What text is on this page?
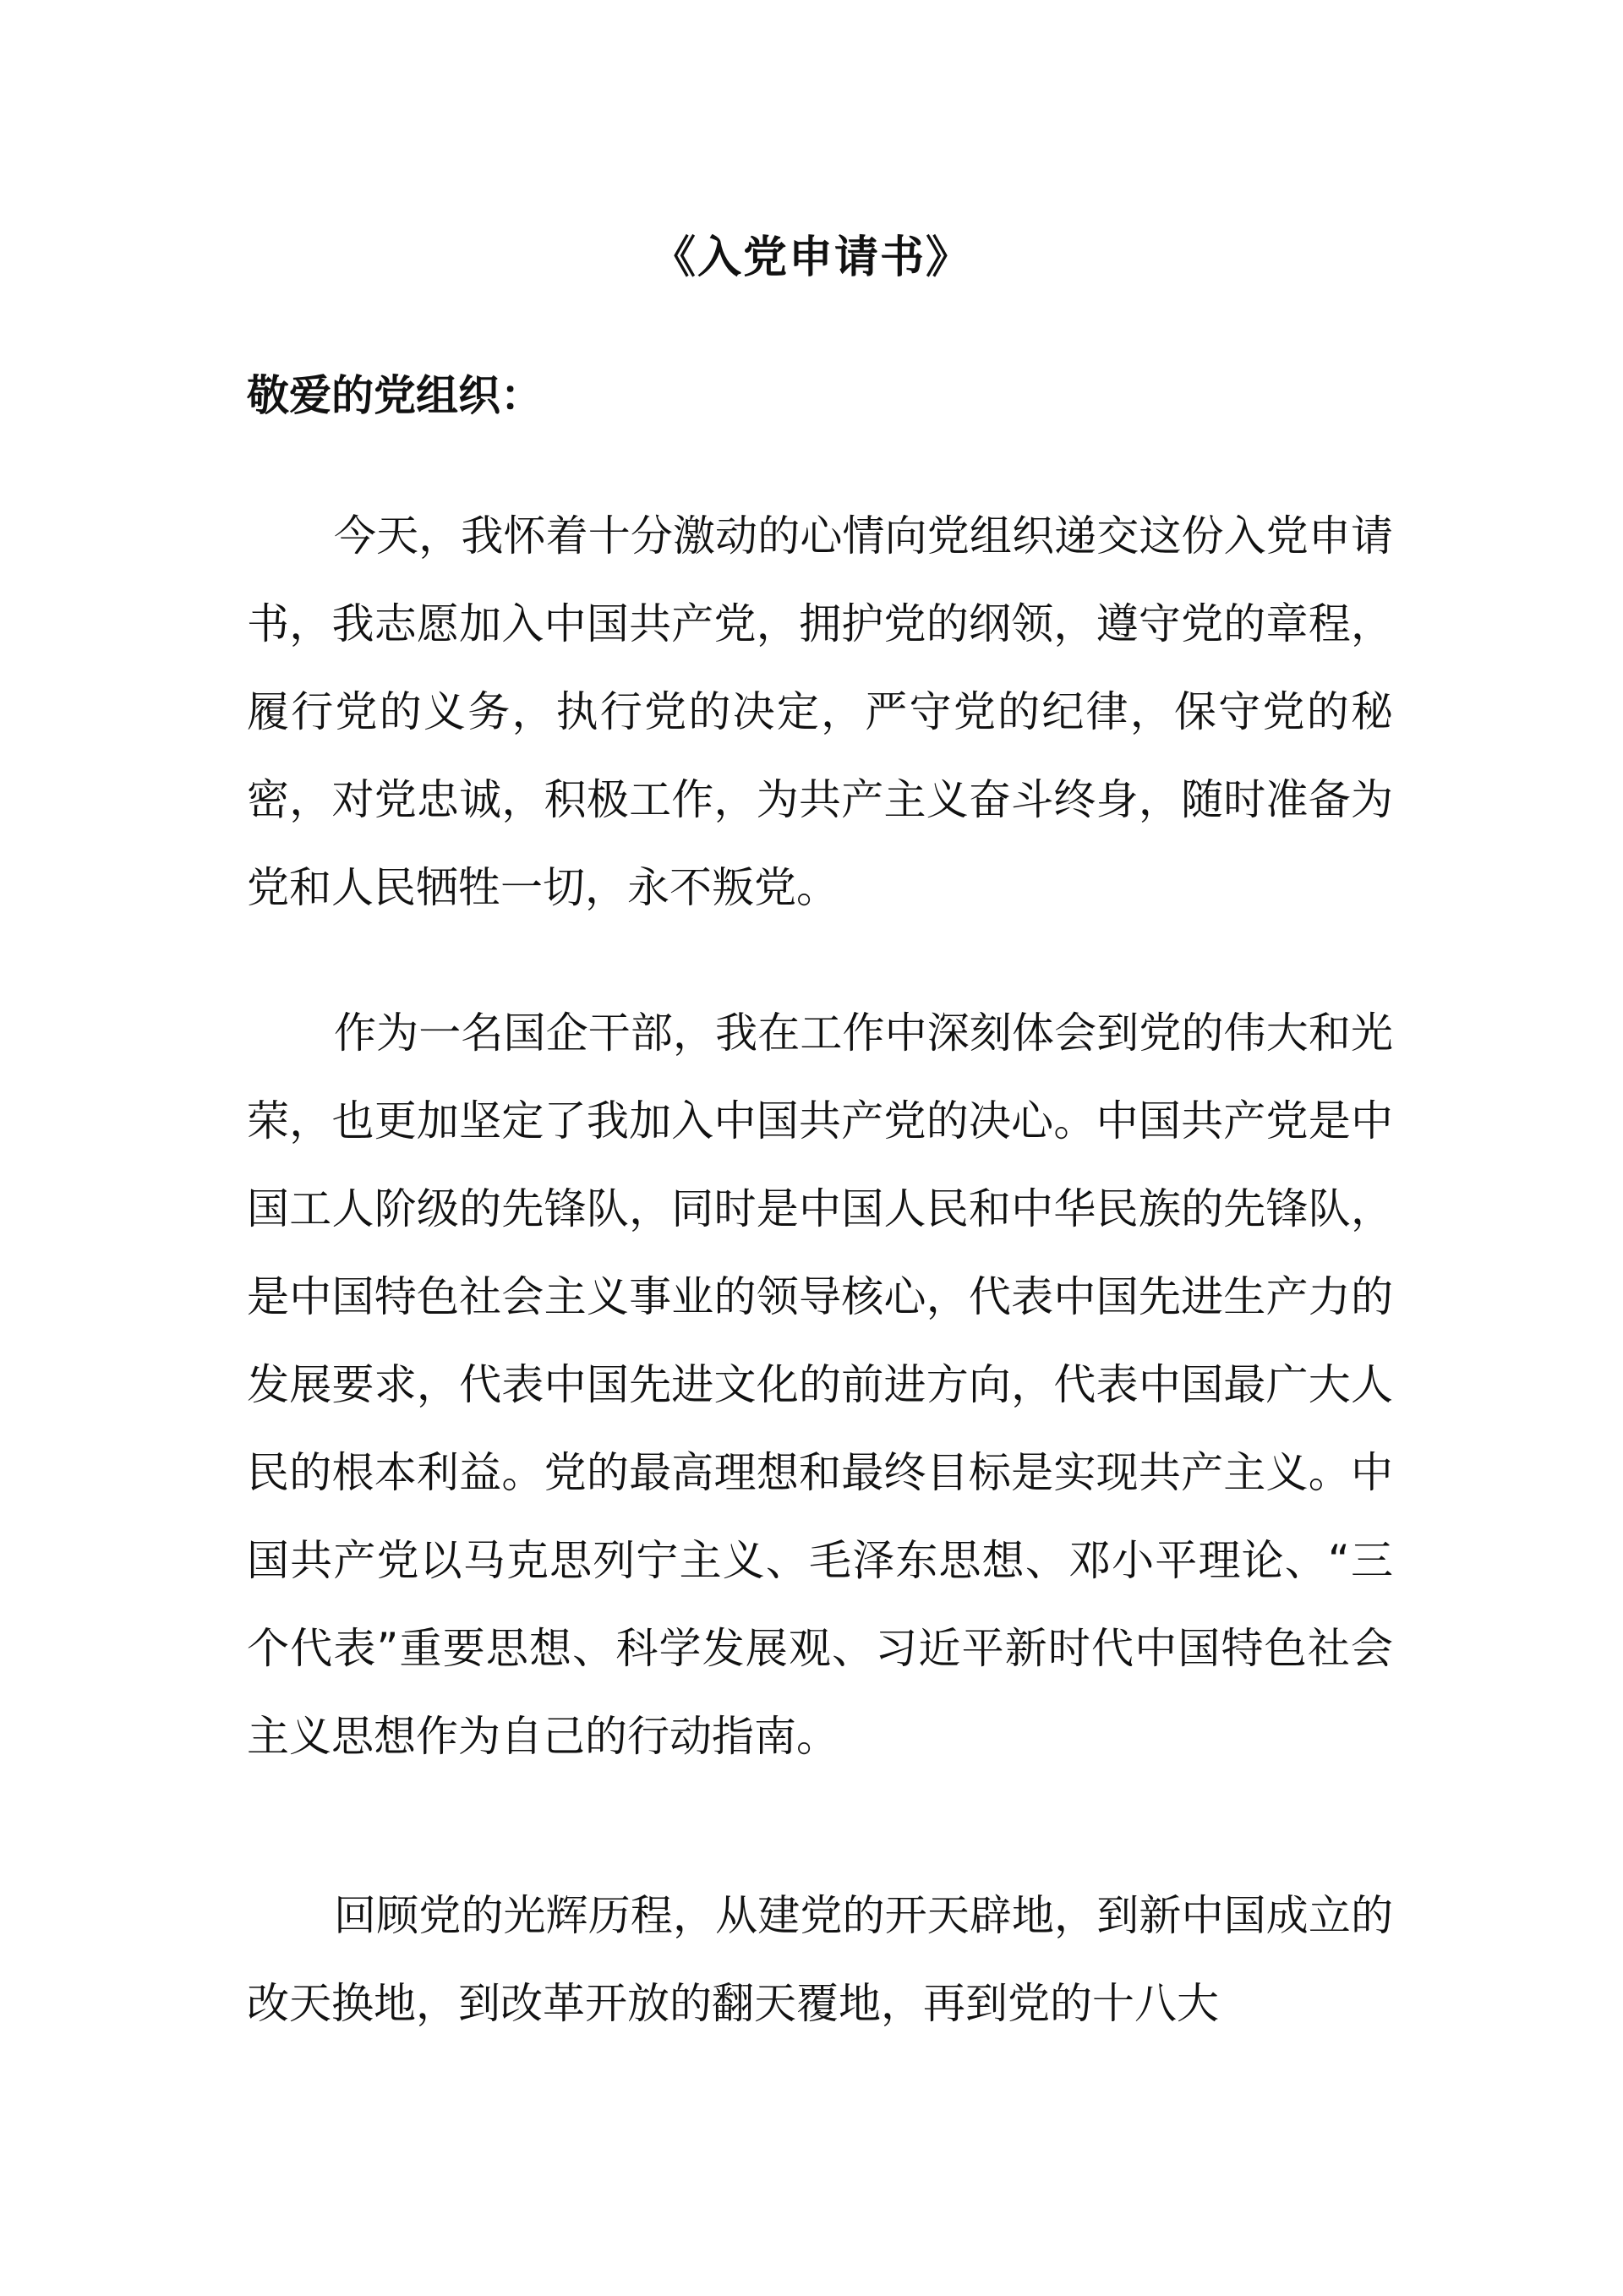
《入党申请书》
敬爱的党组织：

今天，我怀着十分激动的心情向党组织递交这份入党申请书，我志愿加入中国共产党，拥护党的纲领，遵守党的章程，履行党的义务，执行党的决定，严守党的纪律，保守党的秘密，对党忠诚，积极工作，为共产主义奋斗终身，随时准备为党和人民牺牲一切，永不叛党。

作为一名国企干部，我在工作中深刻体会到党的伟大和光荣，也更加坚定了我加入中国共产党的决心。中国共产党是中国工人阶级的先锋队，同时是中国人民和中华民族的先锋队，是中国特色社会主义事业的领导核心，代表中国先进生产力的发展要求，代表中国先进文化的前进方向，代表中国最广大人民的根本利益。党的最高理想和最终目标是实现共产主义。中国共产党以马克思列宁主义、毛泽东思想、邓小平理论、“三个代表”重要思想、科学发展观、习近平新时代中国特色社会主义思想作为自己的行动指南。

回顾党的光辉历程，从建党的开天辟地，到新中国成立的改天换地，到改革开放的翻天覆地，再到党的十八大
